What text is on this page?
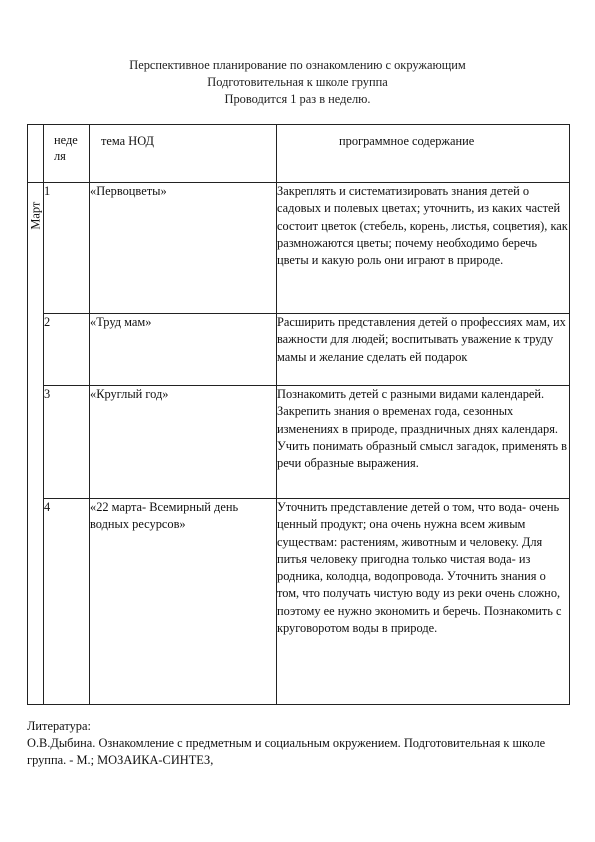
Перспективное планирование по ознакомлению с окружающим
Подготовительная к школе группа
Проводится 1 раз в неделю.
	неде ля	тема НОД	программное содержание

Март	1	«Первоцветы»	Закреплять и систематизировать знания детей о садовых и полевых цветах; уточнить, из каких частей состоит цветок (стебель, корень, листья, соцветия), как размножаются цветы; почему необходимо беречь цветы и какую роль они играют в природе.
	2	«Труд мам»	Расширить представления детей о профессиях мам, их важности для людей; воспитывать уважение к труду мамы и желание сделать ей подарок
	3	«Круглый год»	Познакомить детей с разными видами календарей. Закрепить знания о временах года, сезонных изменениях в природе, праздничных днях календаря. Учить понимать образный смысл загадок, применять в речи образные выражения.
	4	«22 марта- Всемирный день водных ресурсов»	Уточнить представление детей о том, что вода- очень ценный продукт; она очень нужна всем живым существам: растениям, животным и человеку. Для питья человеку пригодна только чистая вода- из родника, колодца, водопровода. Уточнить знания о том, что получать чистую воду из реки очень сложно, поэтому ее нужно экономить и беречь. Познакомить с круговоротом воды в природе.
Литература:
О.В.Дыбина. Ознакомление с предметным и социальным окружением. Подготовительная к школе группа. - М.; МОЗАИКА-СИНТЕЗ,
